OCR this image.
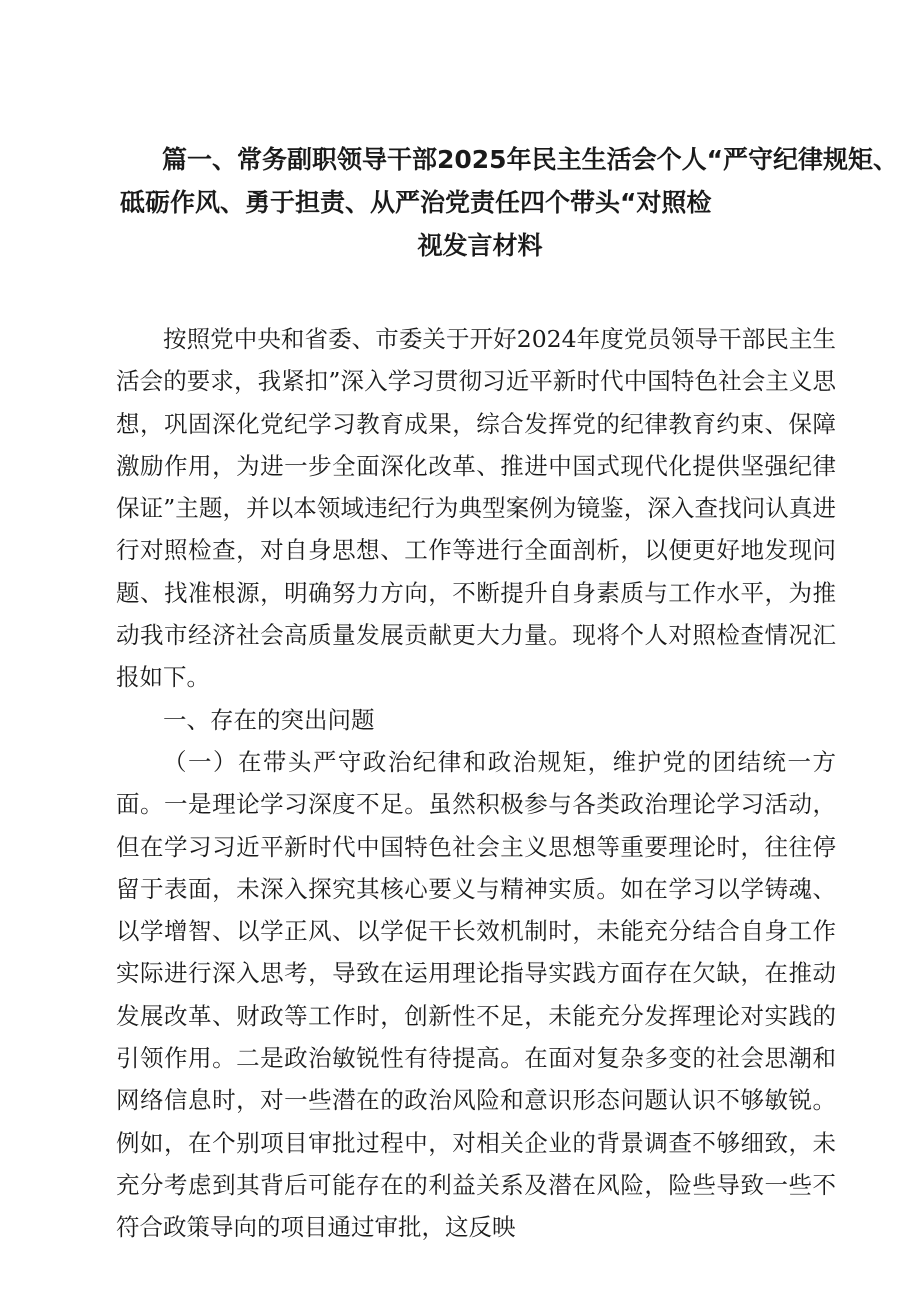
篇一、常务副职领导干部2025年民主生活会个人“严守纪律规矩、
砥砺作风、勇于担责、从严治党责任四个带头“对照检
视发言材料

按照党中央和省委、市委关于开好2024年度党员领导干部民主生活会的要求，我紧扣”深入学习贯彻习近平新时代中国特色社会主义思想，巩固深化党纪学习教育成果，综合发挥党的纪律教育约束、保障激励作用，为进一步全面深化改革、推进中国式现代化提供坚强纪律保证”主题，并以本领域违纪行为典型案例为镜鉴，深入查找问认真进行对照检查，对自身思想、工作等进行全面剖析，以便更好地发现问题、找准根源，明确努力方向，不断提升自身素质与工作水平，为推动我市经济社会高质量发展贡献更大力量。现将个人对照检查情况汇报如下。

一、存在的突出问题

（一）在带头严守政治纪律和政治规矩，维护党的团结统一方面。一是理论学习深度不足。虽然积极参与各类政治理论学习活动，但在学习习近平新时代中国特色社会主义思想等重要理论时，往往停留于表面，未深入探究其核心要义与精神实质。如在学习以学铸魂、以学增智、以学正风、以学促干长效机制时，未能充分结合自身工作实际进行深入思考，导致在运用理论指导实践方面存在欠缺，在推动发展改革、财政等工作时，创新性不足，未能充分发挥理论对实践的引领作用。二是政治敏锐性有待提高。在面对复杂多变的社会思潮和网络信息时，对一些潜在的政治风险和意识形态问题认识不够敏锐。例如，在个别项目审批过程中，对相关企业的背景调查不够细致，未充分考虑到其背后可能存在的利益关系及潜在风险，险些导致一些不符合政策导向的项目通过审批，这反映
